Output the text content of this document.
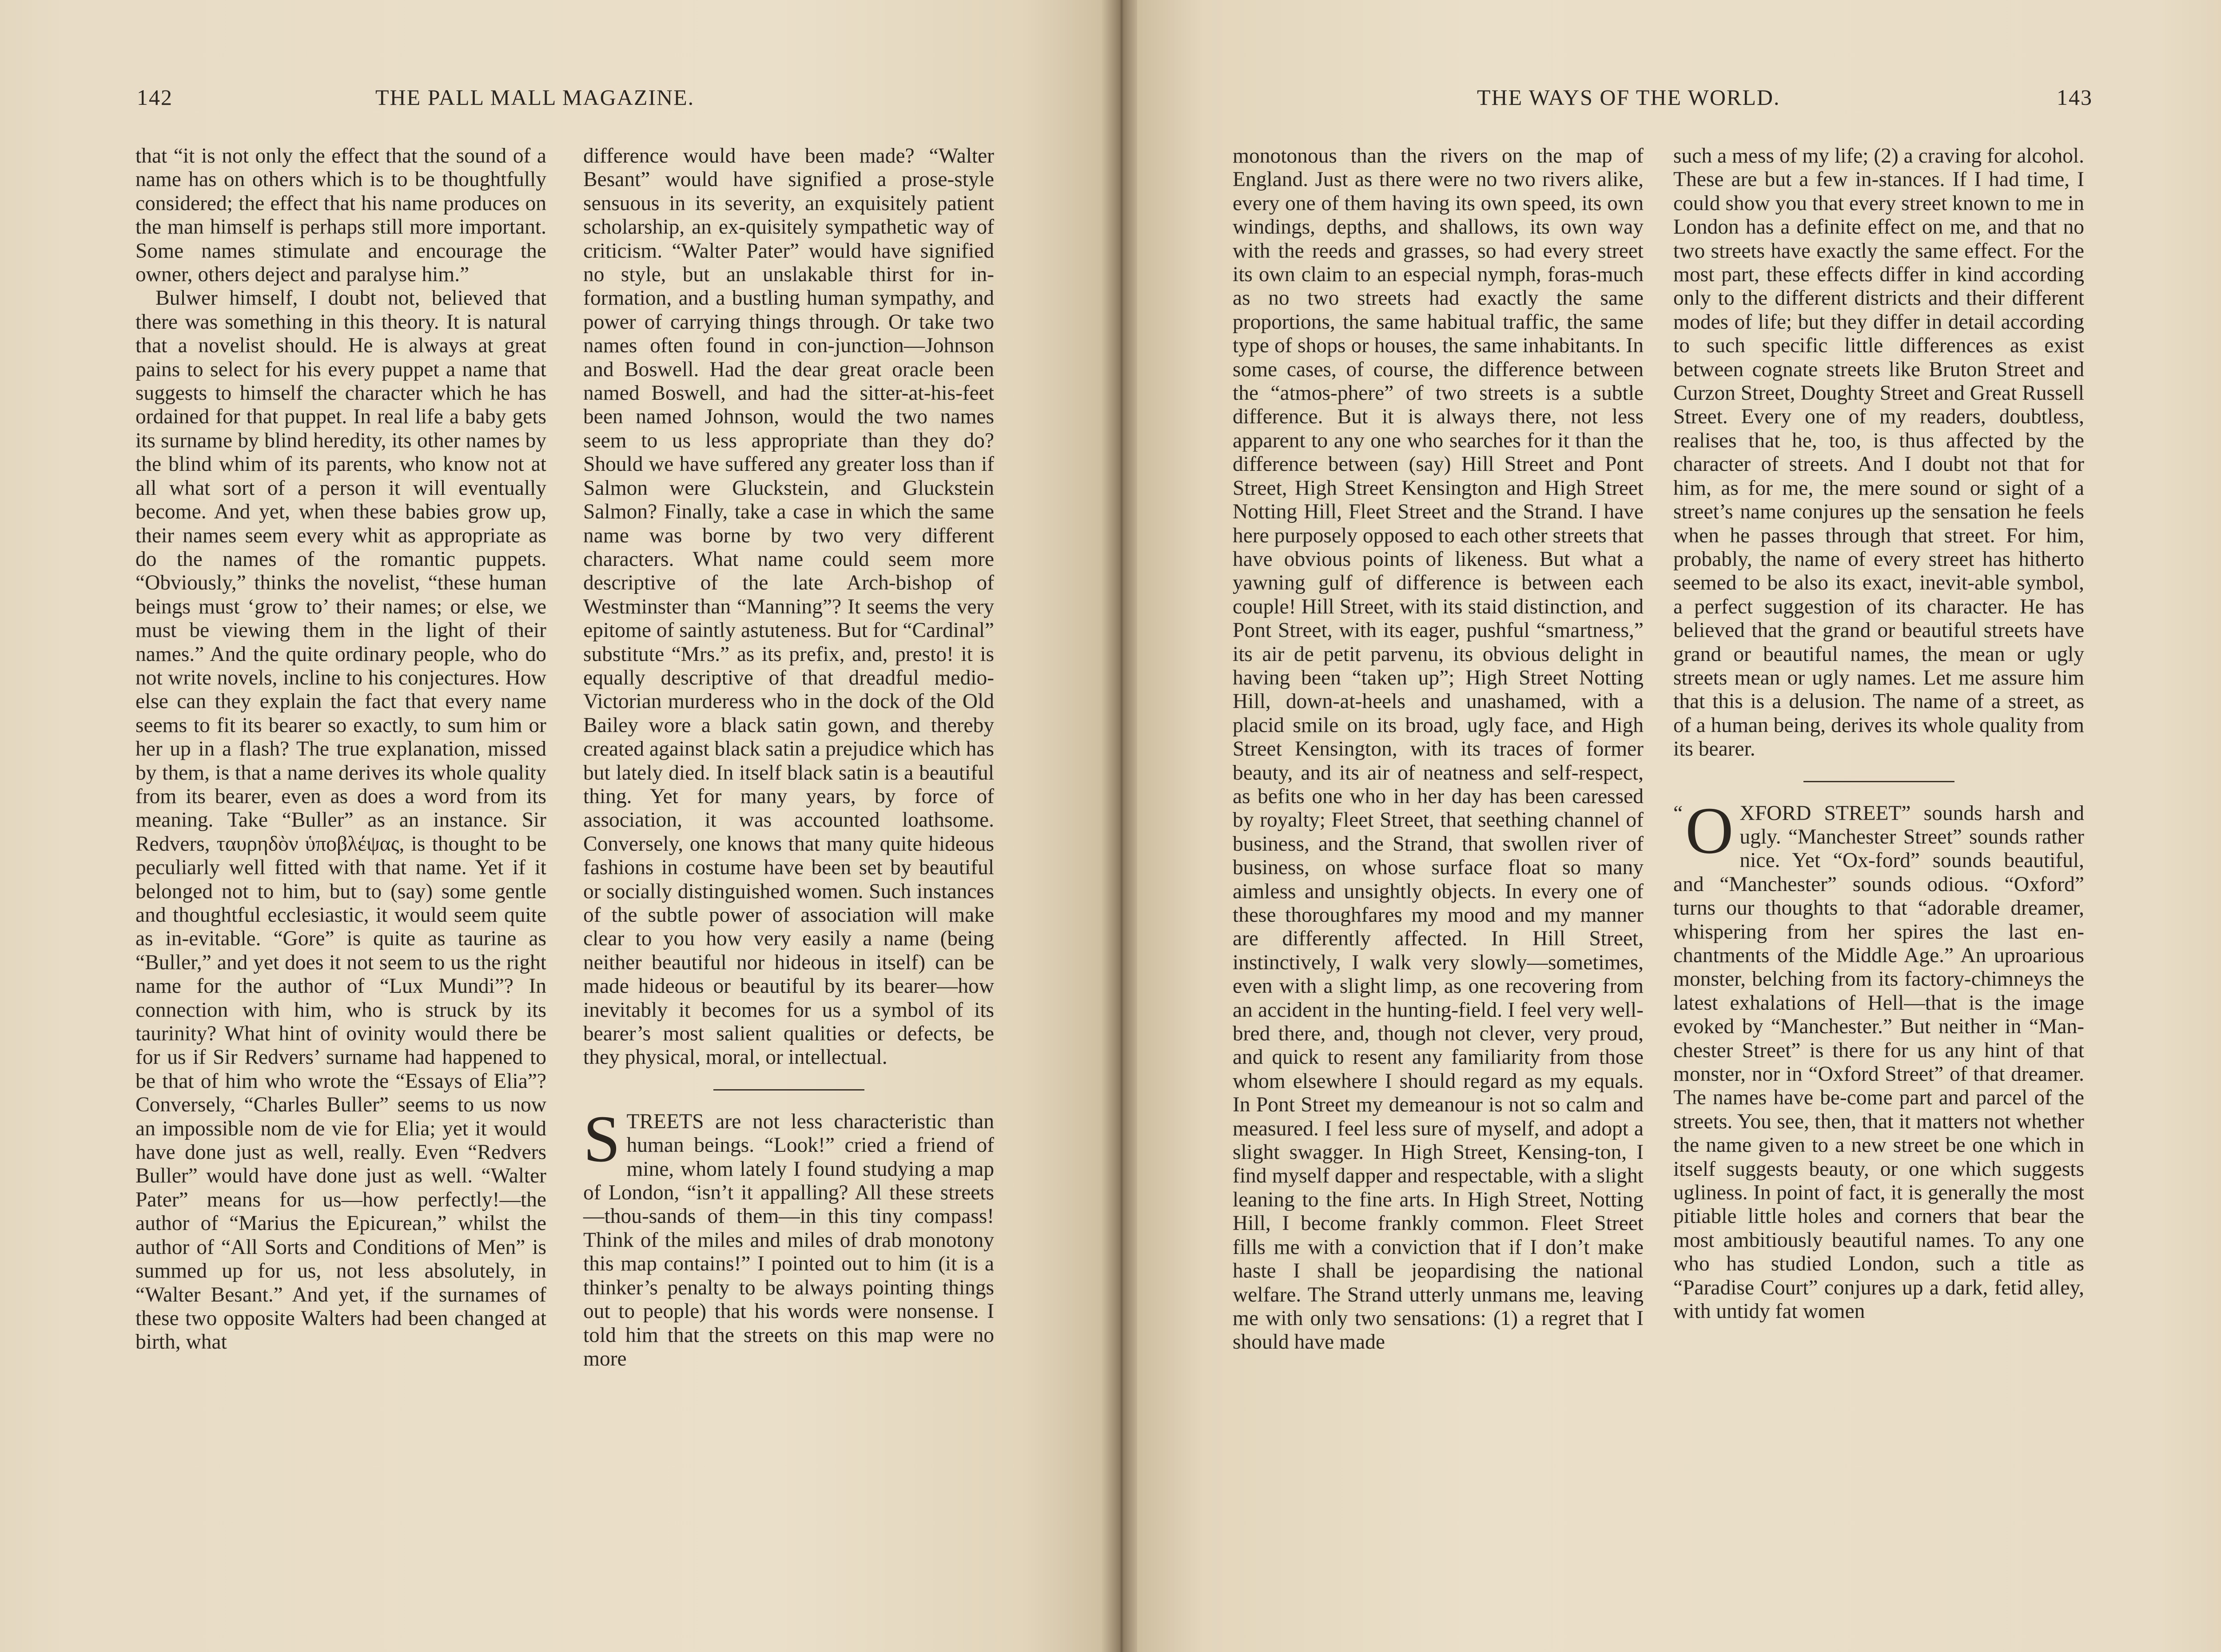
142	THE PALL MALL MAGAZINE.

that “it is not only the effect that the sound of a name has on others which is to be thoughtfully considered; the effect that his name produces on the man himself is perhaps still more important. Some names stimulate and encourage the owner, others deject and paralyse him.”

Bulwer himself, I doubt not, believed that there was something in this theory. It is natural that a novelist should. He is always at great pains to select for his every puppet a name that suggests to himself the character which he has ordained for that puppet. In real life a baby gets its surname by blind heredity, its other names by the blind whim of its parents, who know not at all what sort of a person it will eventually become. And yet, when these babies grow up, their names seem every whit as appropriate as do the names of the romantic puppets. “Obviously,” thinks the novelist, “these human beings must ‘grow to’ their names; or else, we must be viewing them in the light of their names.” And the quite ordinary people, who do not write novels, incline to his conjectures. How else can they explain the fact that every name seems to fit its bearer so exactly, to sum him or her up in a flash? The true explanation, missed by them, is that a name derives its whole quality from its bearer, even as does a word from its meaning. Take “Buller” as an instance. Sir Redvers, ταυρηδὸν ὑποβλέψας, is thought to be peculiarly well fitted with that name. Yet if it belonged not to him, but to (say) some gentle and thoughtful ecclesiastic, it would seem quite as in-evitable. “Gore” is quite as taurine as “Buller,” and yet does it not seem to us the right name for the author of “Lux Mundi”? In connection with him, who is struck by its taurinity? What hint of ovinity would there be for us if Sir Redvers’ surname had happened to be that of him who wrote the “Essays of Elia”? Conversely, “Charles Buller” seems to us now an impossible nom de vie for Elia; yet it would have done just as well, really. Even “Redvers Buller” would have done just as well. “Walter Pater” means for us—how perfectly!—the author of “Marius the Epicurean,” whilst the author of “All Sorts and Conditions of Men” is summed up for us, not less absolutely, in “Walter Besant.” And yet, if the surnames of these two opposite Walters had been changed at birth, what

difference would have been made? “Walter Besant” would have signified a prose-style sensuous in its severity, an exquisitely patient scholarship, an ex-quisitely sympathetic way of criticism. “Walter Pater” would have signified no style, but an unslakable thirst for in-formation, and a bustling human sympathy, and power of carrying things through. Or take two names often found in con-junction—Johnson and Boswell. Had the dear great oracle been named Boswell, and had the sitter-at-his-feet been named Johnson, would the two names seem to us less appropriate than they do? Should we have suffered any greater loss than if Salmon were Gluckstein, and Gluckstein Salmon? Finally, take a case in which the same name was borne by two very different characters. What name could seem more descriptive of the late Arch-bishop of Westminster than “Manning”? It seems the very epitome of saintly astuteness. But for “Cardinal” substitute “Mrs.” as its prefix, and, presto! it is equally descriptive of that dreadful medio-Victorian murderess who in the dock of the Old Bailey wore a black satin gown, and thereby created against black satin a prejudice which has but lately died. In itself black satin is a beautiful thing. Yet for many years, by force of association, it was accounted loathsome. Conversely, one knows that many quite hideous fashions in costume have been set by beautiful or socially distinguished women. Such instances of the subtle power of association will make clear to you how very easily a name (being neither beautiful nor hideous in itself) can be made hideous or beautiful by its bearer—how inevitably it becomes for us a symbol of its bearer’s most salient qualities or defects, be they physical, moral, or intellectual.

S TREETS are not less characteristic than human beings. “Look!” cried a friend of mine, whom lately I found studying a map of London, “isn’t it appalling? All these streets—thou-sands of them—in this tiny compass! Think of the miles and miles of drab monotony this map contains!” I pointed out to him (it is a thinker’s penalty to be always pointing things out to people) that his words were nonsense. I told him that the streets on this map were no more

THE WAYS OF THE WORLD.	143

monotonous than the rivers on the map of England. Just as there were no two rivers alike, every one of them having its own speed, its own windings, depths, and shallows, its own way with the reeds and grasses, so had every street its own claim to an especial nymph, foras-much as no two streets had exactly the same proportions, the same habitual traffic, the same type of shops or houses, the same inhabitants. In some cases, of course, the difference between the “atmos-phere” of two streets is a subtle difference. But it is always there, not less apparent to any one who searches for it than the difference between (say) Hill Street and Pont Street, High Street Kensington and High Street Notting Hill, Fleet Street and the Strand. I have here purposely opposed to each other streets that have obvious points of likeness. But what a yawning gulf of difference is between each couple! Hill Street, with its staid distinction, and Pont Street, with its eager, pushful “smartness,” its air de petit parvenu, its obvious delight in having been “taken up”; High Street Notting Hill, down-at-heels and unashamed, with a placid smile on its broad, ugly face, and High Street Kensington, with its traces of former beauty, and its air of neatness and self-respect, as befits one who in her day has been caressed by royalty; Fleet Street, that seething channel of business, and the Strand, that swollen river of business, on whose surface float so many aimless and unsightly objects. In every one of these thoroughfares my mood and my manner are differently affected. In Hill Street, instinctively, I walk very slowly—sometimes, even with a slight limp, as one recovering from an accident in the hunting-field. I feel very well-bred there, and, though not clever, very proud, and quick to resent any familiarity from those whom elsewhere I should regard as my equals. In Pont Street my demeanour is not so calm and measured. I feel less sure of myself, and adopt a slight swagger. In High Street, Kensing-ton, I find myself dapper and respectable, with a slight leaning to the fine arts. In High Street, Notting Hill, I become frankly common. Fleet Street fills me with a conviction that if I don’t make haste I shall be jeopardising the national welfare. The Strand utterly unmans me, leaving me with only two sensations: (1) a regret that I should have made

such a mess of my life; (2) a craving for alcohol. These are but a few in-stances. If I had time, I could show you that every street known to me in London has a definite effect on me, and that no two streets have exactly the same effect. For the most part, these effects differ in kind according only to the different districts and their different modes of life; but they differ in detail according to such specific little differences as exist between cognate streets like Bruton Street and Curzon Street, Doughty Street and Great Russell Street. Every one of my readers, doubtless, realises that he, too, is thus affected by the character of streets. And I doubt not that for him, as for me, the mere sound or sight of a street’s name conjures up the sensation he feels when he passes through that street. For him, probably, the name of every street has hitherto seemed to be also its exact, inevit-able symbol, a perfect suggestion of its character. He has believed that the grand or beautiful streets have grand or beautiful names, the mean or ugly streets mean or ugly names. Let me assure him that this is a delusion. The name of a street, as of a human being, derives its whole quality from its bearer.

“ O XFORD STREET” sounds harsh and ugly. “Manchester Street” sounds rather nice. Yet “Ox-ford” sounds beautiful, and “Manchester” sounds odious. “Oxford” turns our thoughts to that “adorable dreamer, whispering from her spires the last en-chantments of the Middle Age.” An uproarious monster, belching from its factory-chimneys the latest exhalations of Hell—that is the image evoked by “Manchester.” But neither in “Man-chester Street” is there for us any hint of that monster, nor in “Oxford Street” of that dreamer. The names have be-come part and parcel of the streets. You see, then, that it matters not whether the name given to a new street be one which in itself suggests beauty, or one which suggests ugliness. In point of fact, it is generally the most pitiable little holes and corners that bear the most ambitiously beautiful names. To any one who has studied London, such a title as “Paradise Court” conjures up a dark, fetid alley, with untidy fat women
